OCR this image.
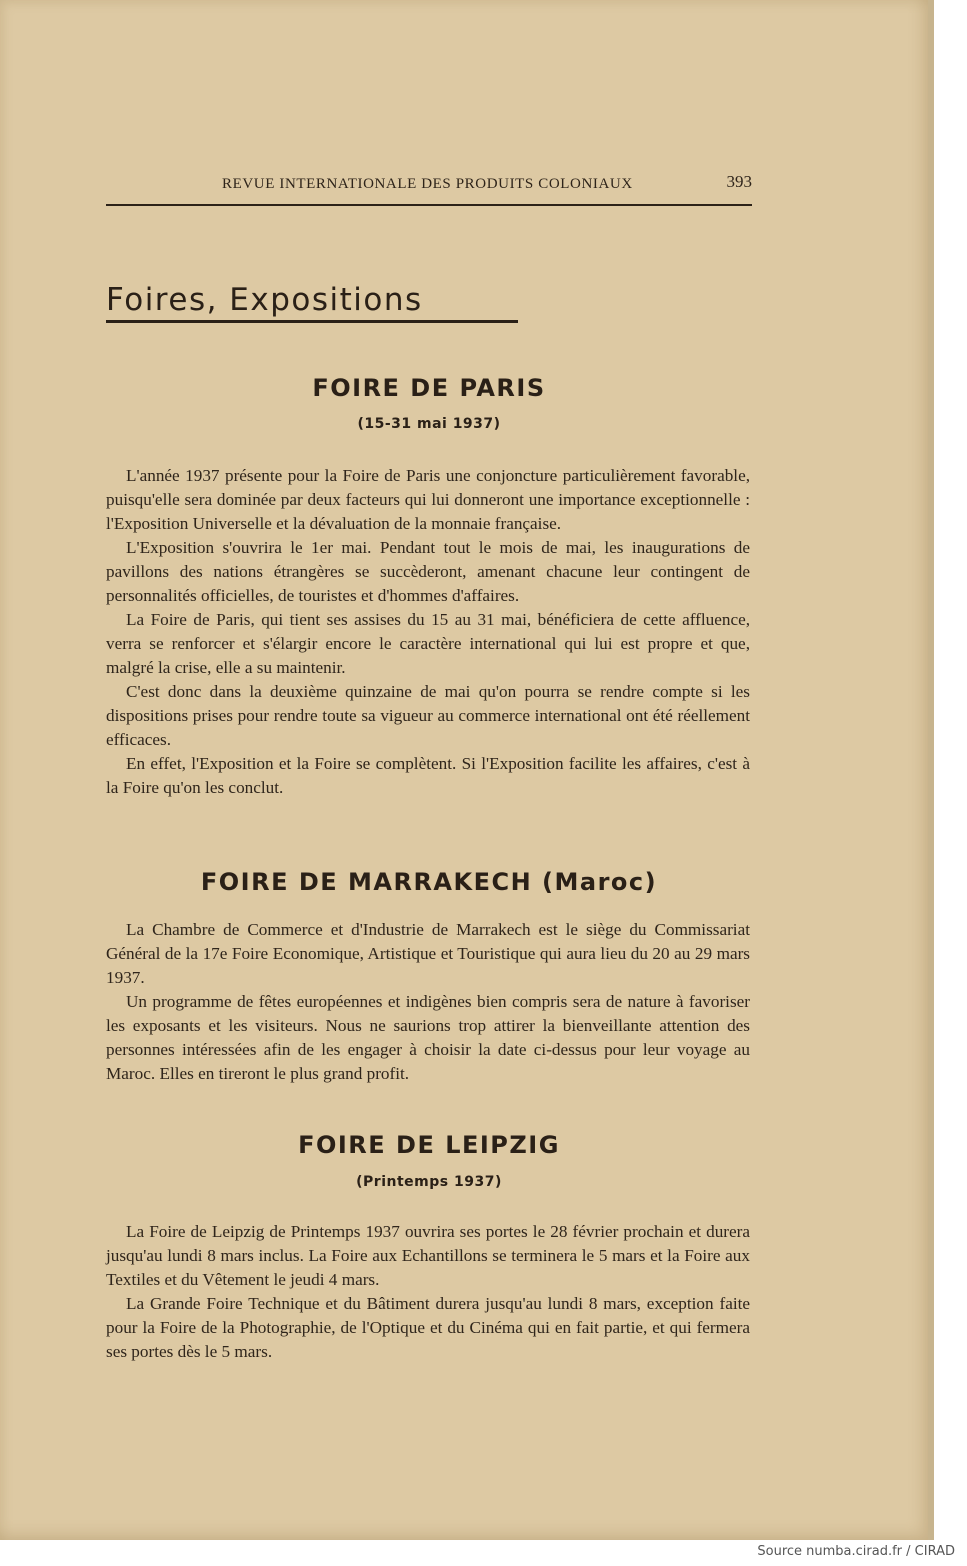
REVUE INTERNATIONALE DES PRODUITS COLONIAUX	393
Foires, Expositions
FOIRE DE PARIS
(15-31 mai 1937)

L'année 1937 présente pour la Foire de Paris une conjoncture particulièrement favorable, puisqu'elle sera dominée par deux facteurs qui lui donneront une importance exceptionnelle : l'Exposition Universelle et la dévaluation de la monnaie française.

L'Exposition s'ouvrira le 1er mai. Pendant tout le mois de mai, les inaugurations de pavillons des nations étrangères se succèderont, amenant chacune leur contingent de personnalités officielles, de touristes et d'hommes d'affaires.

La Foire de Paris, qui tient ses assises du 15 au 31 mai, bénéficiera de cette affluence, verra se renforcer et s'élargir encore le caractère international qui lui est propre et que, malgré la crise, elle a su maintenir.

C'est donc dans la deuxième quinzaine de mai qu'on pourra se rendre compte si les dispositions prises pour rendre toute sa vigueur au commerce international ont été réellement efficaces.

En effet, l'Exposition et la Foire se complètent. Si l'Exposition facilite les affaires, c'est à la Foire qu'on les conclut.

FOIRE DE MARRAKECH (Maroc)

La Chambre de Commerce et d'Industrie de Marrakech est le siège du Commissariat Général de la 17e Foire Economique, Artistique et Touristique qui aura lieu du 20 au 29 mars 1937.

Un programme de fêtes européennes et indigènes bien compris sera de nature à favoriser les exposants et les visiteurs. Nous ne saurions trop attirer la bienveillante attention des personnes intéressées afin de les engager à choisir la date ci-dessus pour leur voyage au Maroc. Elles en tireront le plus grand profit.

FOIRE DE LEIPZIG
(Printemps 1937)

La Foire de Leipzig de Printemps 1937 ouvrira ses portes le 28 février prochain et durera jusqu'au lundi 8 mars inclus. La Foire aux Echantillons se terminera le 5 mars et la Foire aux Textiles et du Vêtement le jeudi 4 mars.

La Grande Foire Technique et du Bâtiment durera jusqu'au lundi 8 mars, exception faite pour la Foire de la Photographie, de l'Optique et du Cinéma qui en fait partie, et qui fermera ses portes dès le 5 mars.

Source numba.cirad.fr / CIRAD
